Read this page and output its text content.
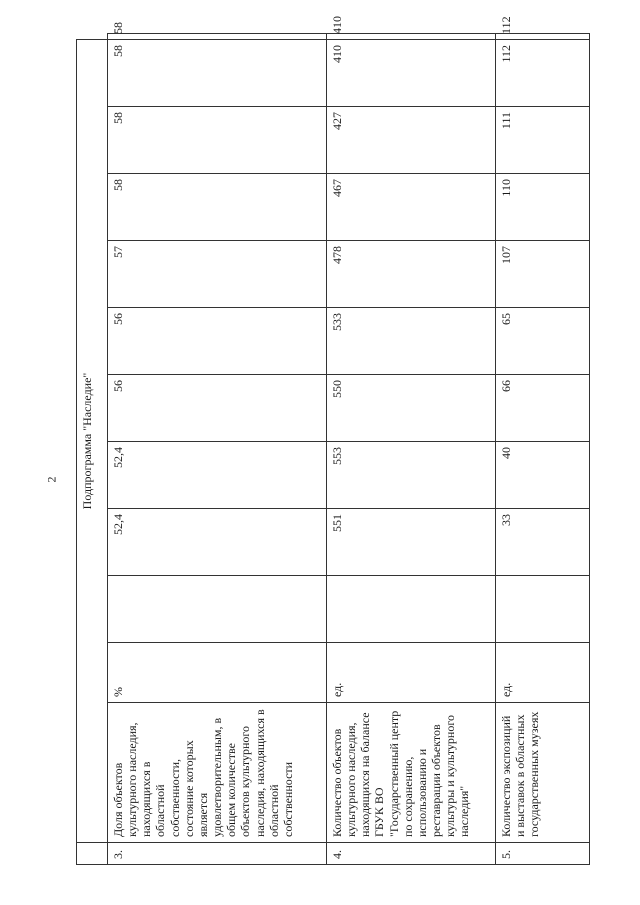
2
	Подпрограмма "Наследие"											
3.	Доля объектов культурного наследия, находящихся в областной собственности, состояние которых является удовлетворительным, в общем количестве объектов культурного наследия, находящихся в областной собственности	%		52,4	52,4	56	56	57	58	58	58	58
4.	Количество объектов культурного наследия, находящихся на балансе ГБУК ВО "Государственный центр по сохранению, использованию и реставрации объектов культуры и культурного наследия"	ед.		551	553	550	533	478	467	427	410	410
5.	Количество экспозиций и выставок в областных государственных музеях	ед.		33	40	66	65	107	110	111	112	112
